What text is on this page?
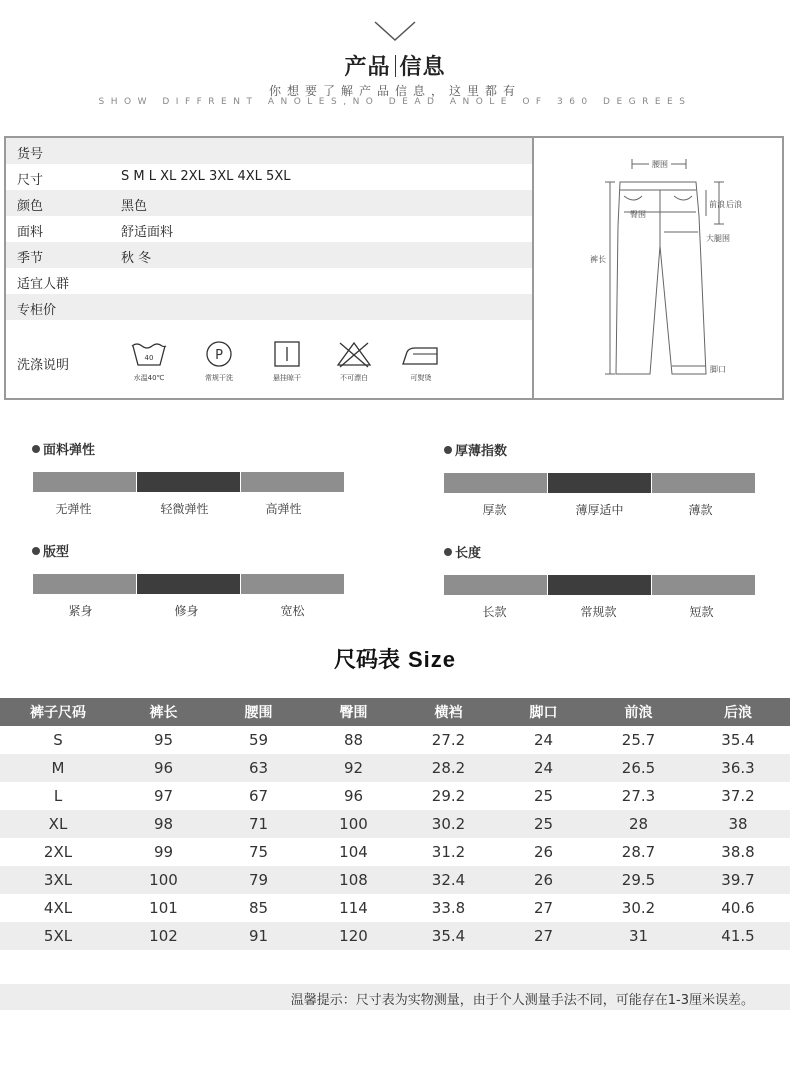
产品 信息
你想要了解产品信息，这里都有
SHOW DIFFRENT ANOLES,NO DEAD ANOLE OF 360 DEGREES
货号
尺寸	S M L XL 2XL 3XL 4XL 5XL
颜色	黑色
面料	舒适面料
季节	秋 冬
适宜人群
专柜价
洗涤说明	40
水温40℃
P
常规干洗	悬挂晾干	不可漂白	可熨烫
腰围
臀围
前浪 后浪
大腿围
裤长
脚口
面料弹性
无弹性	轻微弹性	高弹性
厚薄指数
厚款	薄厚适中	薄款
版型
紧身	修身	宽松
长度
长款	常规款	短款
尺码表 Size
裤子尺码	裤长	腰围	臀围	横裆	脚口	前浪	后浪
S	95	59	88	27.2	24	25.7	35.4
M	96	63	92	28.2	24	26.5	36.3
L	97	67	96	29.2	25	27.3	37.2
XL	98	71	100	30.2	25	28	38
2XL	99	75	104	31.2	26	28.7	38.8
3XL	100	79	108	32.4	26	29.5	39.7
4XL	101	85	114	33.8	27	30.2	40.6
5XL	102	91	120	35.4	27	31	41.5
温馨提示：尺寸表为实物测量，由于个人测量手法不同，可能存在1-3厘米误差。
